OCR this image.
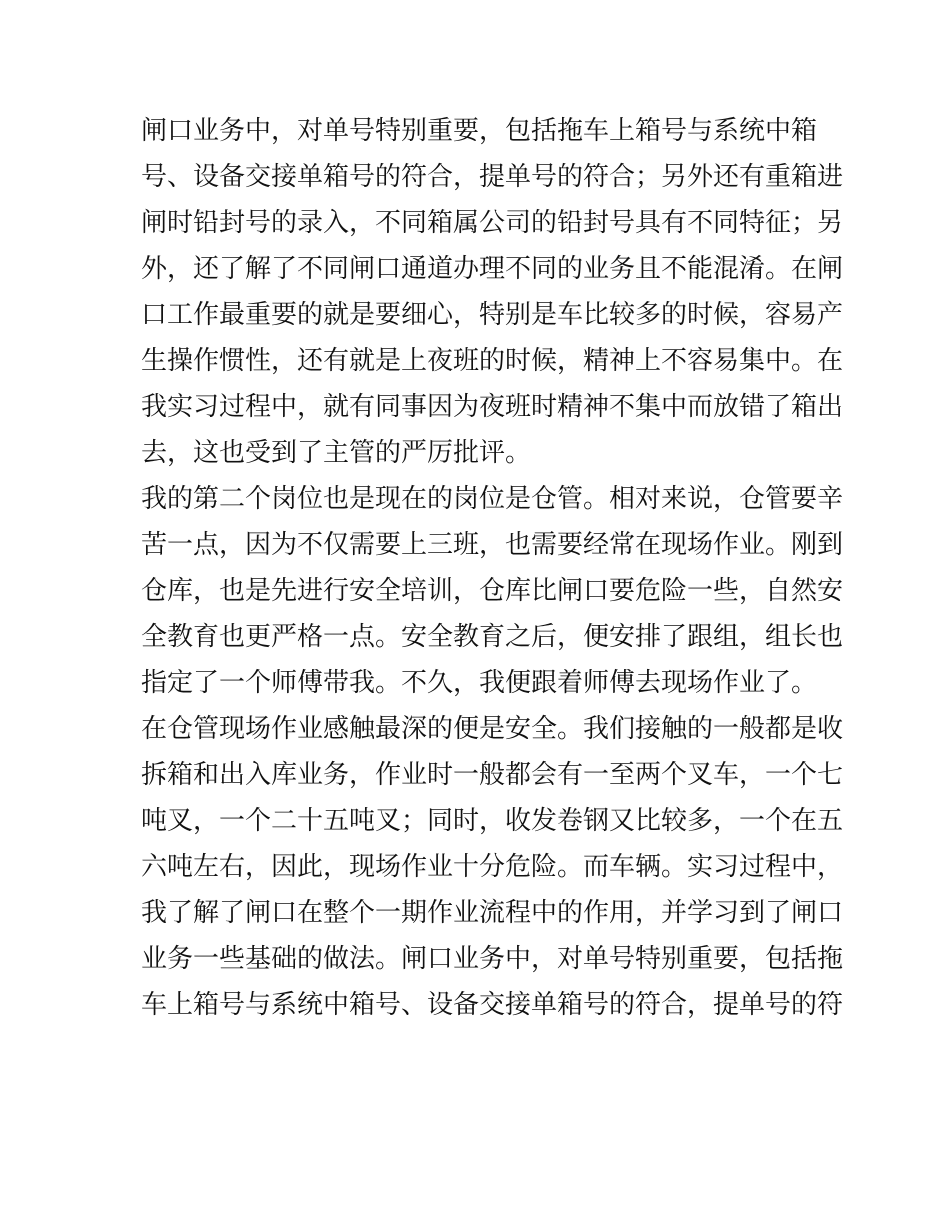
闸口业务中，对单号特别重要，包括拖车上箱号与系统中箱

号、设备交接单箱号的符合，提单号的符合；另外还有重箱进

闸时铅封号的录入，不同箱属公司的铅封号具有不同特征；另

外，还了解了不同闸口通道办理不同的业务且不能混淆。在闸

口工作最重要的就是要细心，特别是车比较多的时候，容易产

生操作惯性，还有就是上夜班的时候，精神上不容易集中。在

我实习过程中，就有同事因为夜班时精神不集中而放错了箱出

去，这也受到了主管的严厉批评。

我的第二个岗位也是现在的岗位是仓管。相对来说，仓管要辛

苦一点，因为不仅需要上三班，也需要经常在现场作业。刚到

仓库，也是先进行安全培训，仓库比闸口要危险一些，自然安

全教育也更严格一点。安全教育之后，便安排了跟组，组长也

指定了一个师傅带我。不久，我便跟着师傅去现场作业了。

在仓管现场作业感触最深的便是安全。我们接触的一般都是收

拆箱和出入库业务，作业时一般都会有一至两个叉车，一个七

吨叉，一个二十五吨叉；同时，收发卷钢又比较多，一个在五

六吨左右，因此，现场作业十分危险。而车辆。实习过程中，

我了解了闸口在整个一期作业流程中的作用，并学习到了闸口

业务一些基础的做法。闸口业务中，对单号特别重要，包括拖

车上箱号与系统中箱号、设备交接单箱号的符合，提单号的符
